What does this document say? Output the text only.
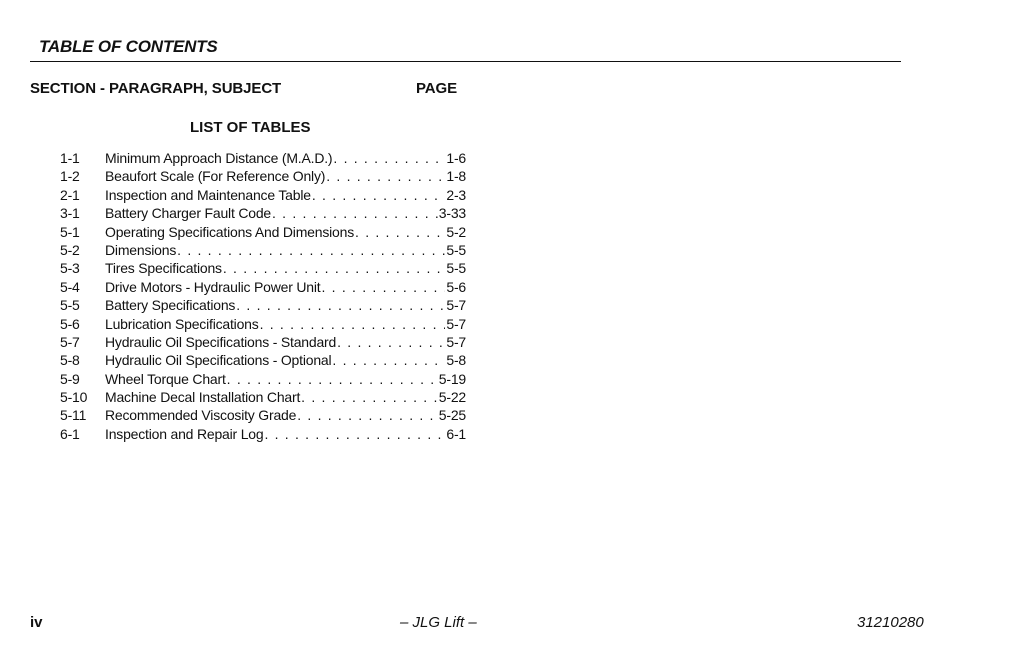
TABLE OF CONTENTS
SECTION - PARAGRAPH, SUBJECT	PAGE
LIST OF TABLES
1-1	Minimum Approach Distance (M.A.D.) . . .	1-6
1-2	Beaufort Scale (For Reference Only) . . .	1-8
2-1	Inspection and Maintenance Table . . .	2-3
3-1	Battery Charger Fault Code . . .	3-33
5-1	Operating Specifications And Dimensions . . .	5-2
5-2	Dimensions . . .	5-5
5-3	Tires Specifications . . .	5-5
5-4	Drive Motors - Hydraulic Power Unit . . .	5-6
5-5	Battery Specifications . . .	5-7
5-6	Lubrication Specifications . . .	5-7
5-7	Hydraulic Oil Specifications - Standard . . .	5-7
5-8	Hydraulic Oil Specifications - Optional . . .	5-8
5-9	Wheel Torque Chart . . .	5-19
5-10	Machine Decal Installation Chart . . .	5-22
5-11	Recommended Viscosity Grade . . .	5-25
6-1	Inspection and Repair Log . . .	6-1
iv	– JLG Lift –	31210280
